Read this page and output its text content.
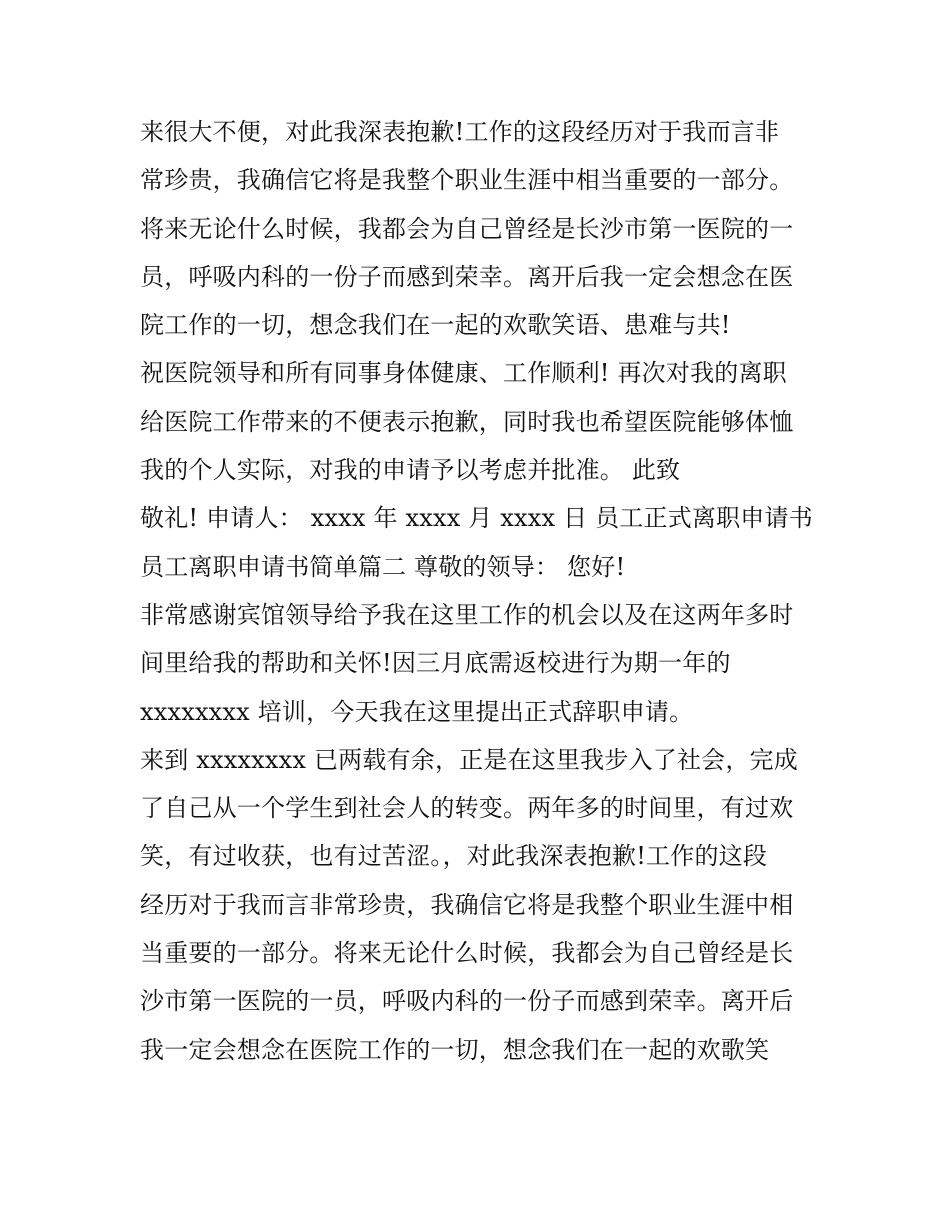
来很大不便，对此我深表抱歉!工作的这段经历对于我而言非
常珍贵，我确信它将是我整个职业生涯中相当重要的一部分。
将来无论什么时候，我都会为自己曾经是长沙市第一医院的一
员，呼吸内科的一份子而感到荣幸。离开后我一定会想念在医
院工作的一切，想念我们在一起的欢歌笑语、患难与共!
祝医院领导和所有同事身体健康、工作顺利! 再次对我的离职
给医院工作带来的不便表示抱歉，同时我也希望医院能够体恤
我的个人实际，对我的申请予以考虑并批准。 此致
敬礼! 申请人： xxxx 年 xxxx 月 xxxx 日 员工正式离职申请书
员工离职申请书简单篇二 尊敬的领导： 您好!
非常感谢宾馆领导给予我在这里工作的机会以及在这两年多时
间里给我的帮助和关怀!因三月底需返校进行为期一年的
xxxxxxxx 培训，今天我在这里提出正式辞职申请。
来到 xxxxxxxx 已两载有余，正是在这里我步入了社会，完成
了自己从一个学生到社会人的转变。两年多的时间里，有过欢
笑，有过收获，也有过苦涩。，对此我深表抱歉!工作的这段
经历对于我而言非常珍贵，我确信它将是我整个职业生涯中相
当重要的一部分。将来无论什么时候，我都会为自己曾经是长
沙市第一医院的一员，呼吸内科的一份子而感到荣幸。离开后
我一定会想念在医院工作的一切，想念我们在一起的欢歌笑
